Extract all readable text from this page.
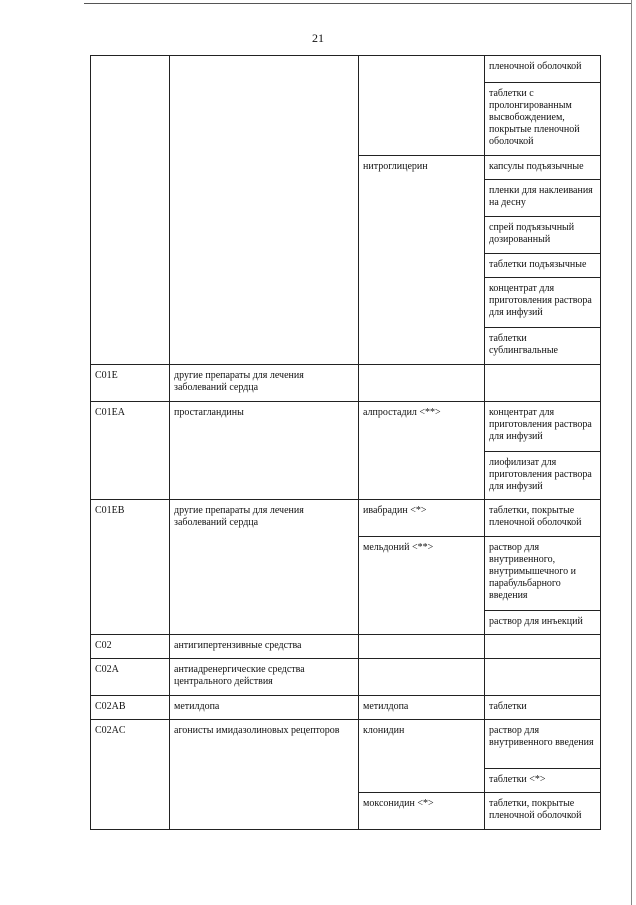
21
			пленочной оболочкой
			таблетки с пролонгированным высвобождением, покрытые пленочной оболочкой
		нитроглицерин	капсулы подъязычные
			пленки для наклеивания на десну
			спрей подъязычный дозированный
			таблетки подъязычные
			концентрат для приготовления раствора для инфузий
			таблетки сублингвальные
C01E	другие препараты для лечения заболеваний сердца		
C01EA	простагландины	алпростадил <**>	концентрат для приготовления раствора для инфузий
			лиофилизат для приготовления раствора для инфузий
C01EB	другие препараты для лечения заболеваний сердца	ивабрадин <*>	таблетки, покрытые пленочной оболочкой
		мельдоний <**>	раствор для внутривенного, внутримышечного и парабульбарного введения
			раствор для инъекций
C02	антигипертензивные средства		
C02A	антиадренергические средства центрального действия		
C02AB	метилдопа	метилдопа	таблетки
C02AC	агонисты имидазолиновых рецепторов	клонидин	раствор для внутривенного введения
			таблетки <*>
		моксонидин <*>	таблетки, покрытые пленочной оболочкой
